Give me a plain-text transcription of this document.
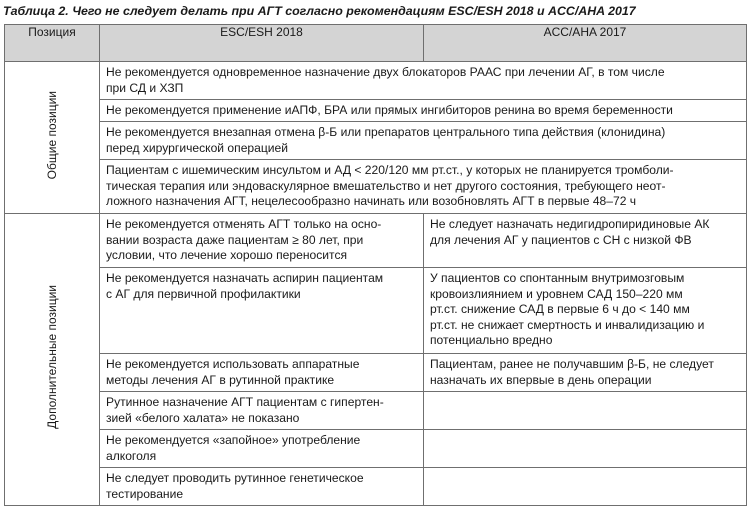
Таблица 2. Чего не следует делать при АГТ согласно рекомендациям ESC/ESH 2018 и ACC/AHA 2017
Позиция	ESC/ESH 2018	ACC/AHA 2017
Общие позиции	Не рекомендуется одновременное назначение двух блокаторов РААС при лечении АГ, в том числе
при СД и ХЗП	

	Не рекомендуется применение иАПФ, БРА или прямых ингибиторов ренина во время беременности	

	Не рекомендуется внезапная отмена β-Б или препаратов центрального типа действия (клонидина)
перед хирургической операцией	

	Пациентам с ишемическим инсультом и АД < 220/120 мм рт.ст., у которых не планируется тромболи-
тическая терапия или эндоваскулярное вмешательство и нет другого состояния, требующего неот-
ложного назначения АГТ, нецелесообразно начинать или возобновлять АГТ в первые 48–72 ч	

Дополнительные позиции	Не рекомендуется отменять АГТ только на осно-
вании возраста даже пациентам ≥ 80 лет, при
условии, что лечение хорошо переносится	Не следует назначать недигидропиридиновые АК
для лечения АГ у пациентов с СН с низкой ФВ

	Не рекомендуется назначать аспирин пациентам
с АГ для первичной профилактики	У пациентов со спонтанным внутримозговым
кровоизлиянием и уровнем САД 150–220 мм
рт.ст. снижение САД в первые 6 ч до < 140 мм
рт.ст. не снижает смертность и инвалидизацию и
потенциально вредно

	Не рекомендуется использовать аппаратные
методы лечения АГ в рутинной практике	Пациентам, ранее не получавшим β-Б, не следует
назначать их впервые в день операции

	Рутинное назначение АГТ пациентам с гипертен-
зией «белого халата» не показано	

	Не рекомендуется «запойное» употребление
алкоголя	

	Не следует проводить рутинное генетическое
тестирование	
